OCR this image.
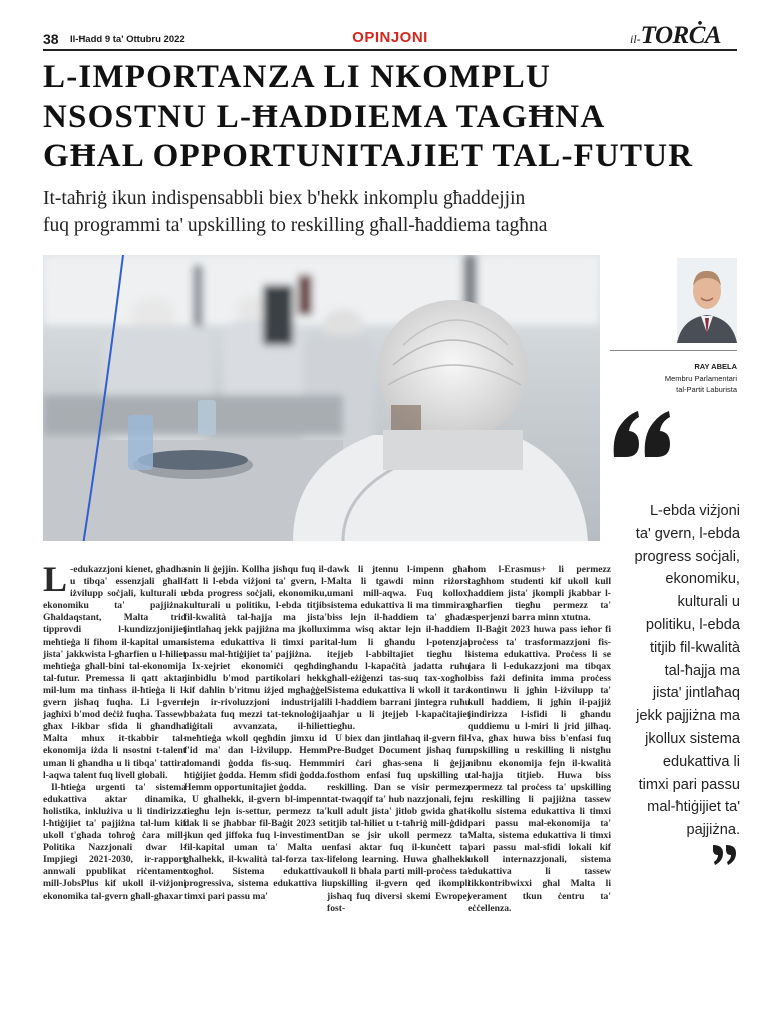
38 Il-Ħadd 9 ta' Ottubru 2022	OPINJONI	il-TORĊA
L-IMPORTANZA LI NKOMPLU
NSOSTNU L-ĦADDIEMA TAGĦNA
GĦAL OPPORTUNITAJIET TAL-FUTUR
It-taħriġ ikun indispensabbli biex b'hekk inkomplu għaddejjin
fuq programmi ta' upskilling to reskilling għall-ħaddiema tagħna
RAY ABELA
Membru Parlamentari
tal-Partit Laburista
L-ebda viżjoni
ta' gvern, l-ebda
progress soċjali,
ekonomiku,
kulturali u
politiku, l-ebda
titjib fil-kwalità
tal-ħajja ma
jista' jintlaħaq
jekk pajjiżna ma
jkollux sistema
edukattiva li
timxi pari passu
mal-ħtiġijiet ta'
pajjiżna.

L -edukazzjoni kienet, għadha u tibqa' essenzjali għall-iżvilupp soċjali, kulturali u ekonomiku ta' pajjiżna. Għaldaqstant, Malta trid tipprovdi l-kundizzjonijiet meħtieġa li fihom il-kapital uman jista' jakkwista l-għarfien u l-ħiliet meħtieġa għall-bini tal-ekonomija tal-futur. Premessa li qatt aktar mil-lum ma tinħass il-ħtieġa li l-gvern jisħaq fuqha. Li l-gvern jagħixi b'mod deċiż fuqha. Tassew, għax l-ikbar sfida li għandha Malta mhux it-tkabbir tal-ekonomija iżda li nsostni t-talent uman li għandha u li tibqa' tattira l-aqwa talent fuq livell globali.

Il-ħtieġa urgenti ta' sistema edukattiva aktar dinamika, ħolistika, inklużiva u li tindirizza l-ħtiġijiet ta' pajjiżna tal-lum kif ukoll t'għada toħroġ ċara mill-Politika Nazzjonali dwar l-Impjiegi 2021-2030, ir-rapport annwali ppublikat riċentament mill-JobsPlus kif ukoll il-viżjoni ekonomika tal-gvern għall-għaxar

snin li ġejjin. Kollha jisħqu fuq il-fatt li l-ebda viżjoni ta' gvern, l-ebda progress soċjali, ekonomiku, kulturali u politiku, l-ebda titjib fil-kwalità tal-ħajja ma jista' jintlaħaq jekk pajjiżna ma jkollux sistema edukattiva li timxi pari passu mal-ħtiġijiet ta' pajjiżna.

Ix-xejriet ekonomiċi qegħdin jinbidlu b'mod partikolari hekk kif daħlin b'ritmu iżjed mgħaġġel lejn ir-rivoluzzjoni industrijali bbażata fuq mezzi tat-teknoloġija diġitali avvanzata, il-ħiliet meħtieġa wkoll qegħdin jimxu id f'id ma' dan l-iżvilupp. Hemm domandi ġodda fis-suq. Hemm ħtiġijiet ġodda. Hemm sfidi ġodda. Hemm opportunitajiet ġodda.

U għalhekk, il-gvern bl-impenn tiegħu lejn is-settur, permezz ta' dak li se jħabbar fil-Baġit 2023 se jkun qed jiffoka fuq l-investiment fil-kapital uman ta' Malta u għalhekk, il-kwalità tal-forza tax-xogħol. Sistema edukattiva progressiva, sistema edukattiva li timxi pari passu ma'

dawk li jtennu l-impenn għal Malta li tgawdi minn riżorsi umani mill-aqwa. Fuq kollox, sistema edukattiva li ma timmirax biss lejn il-ħaddiem ta' għada imma wisq aktar lejn il-ħaddiem tal-lum li għandu l-potenzjal itejjeb l-abbiltajiet tiegħu li għandu l-kapaċità jadatta ruħu għall-eżiġenzi tas-suq tax-xogħol. Sistema edukattiva li wkoll it tara li l-ħaddiem barrani jintegra ruħu aħjar u li jtejjeb l-kapaċitajiet tiegħu.

U biex dan jintlaħaq il-gvern fil-Pre-Budget Document jisħaq fun miri ċari għas-sena li ġejja fosthom enfasi fuq upskilling u reskilling. Dan se visir permezz tat-twaqqif ta' hub nazzjonali, fejn kull adult jista' jitlob gwida għat-titjib tal-ħiliet u t-taħriġ mill-ġdid. Dan se jsir ukoll permezz ta' enfasi aktar fuq il-kunċett ta' lifelong learning. Huwa għalhekk ukoll li bħala parti mill-proċess ta' upskilling il-gvern qed ikompli jisħaq fuq diversi skemi Ewropej fost-

hom l-Erasmus+ li permezz tagħhom studenti kif ukoll kull ħaddiem jista' jkompli jkabbar l-għarfien tiegħu permezz ta' esperjenzi barra minn xtutna.

Il-Baġit 2023 huwa pass ieħor fi proċess ta' trasformazzjoni fis-sistema edukattiva. Proċess li se jara li l-edukazzjoni ma tibqax biss fażi definita imma proċess kontinwu li jgħin l-iżvilupp ta' kull ħaddiem, li jgħin il-pajjiż jindirizza l-isfidi li għandu quddiemu u l-miri li jrid jilħaq. Iva, għax huwa biss b'enfasi fuq upskilling u reskilling li nistgħu nibnu ekonomija fejn il-kwalità tal-ħajja titjieb. Huwa biss permezz tal proċess ta' upskilling u reskilling li pajjiżna tassew ikollu sistema edukattiva li timxi pari passu mal-ekonomija ta' Malta, sistema edukattiva li timxi pari passu mal-sfidi lokali kif ukoll internazzjonali, sistema edukattiva li tassew tikkontribwixxi għal Malta li verament tkun ċentru ta' eċċellenza.
